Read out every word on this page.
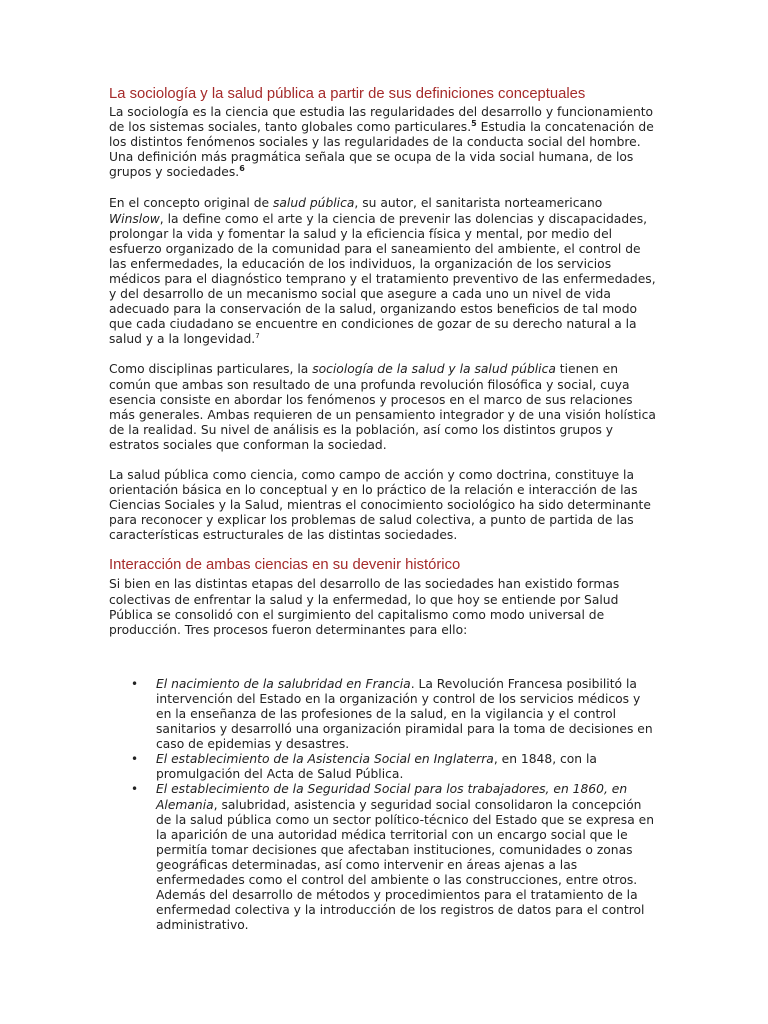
La sociología y la salud pública a partir de sus definiciones conceptuales

La sociología es la ciencia que estudia las regularidades del desarrollo y funcionamiento de los sistemas sociales, tanto globales como particulares.$^5$ Estudia la concatenación de los distintos fenómenos sociales y las regularidades de la conducta social del hombre. Una definición más pragmática señala que se ocupa de la vida social humana, de los grupos y sociedades.$^6$

En el concepto original de salud pública, su autor, el sanitarista norteamericano Winslow, la define como el arte y la ciencia de prevenir las dolencias y discapacidades, prolongar la vida y fomentar la salud y la eficiencia física y mental, por medio del esfuerzo organizado de la comunidad para el saneamiento del ambiente, el control de las enfermedades, la educación de los individuos, la organización de los servicios médicos para el diagnóstico temprano y el tratamiento preventivo de las enfermedades, y del desarrollo de un mecanismo social que asegure a cada uno un nivel de vida adecuado para la conservación de la salud, organizando estos beneficios de tal modo que cada ciudadano se encuentre en condiciones de gozar de su derecho natural a la salud y a la longevidad.$^7$

Como disciplinas particulares, la sociología de la salud y la salud pública tienen en común que ambas son resultado de una profunda revolución filosófica y social, cuya esencia consiste en abordar los fenómenos y procesos en el marco de sus relaciones más generales. Ambas requieren de un pensamiento integrador y de una visión holística de la realidad. Su nivel de análisis es la población, así como los distintos grupos y estratos sociales que conforman la sociedad.

La salud pública como ciencia, como campo de acción y como doctrina, constituye la orientación básica en lo conceptual y en lo práctico de la relación e interacción de las Ciencias Sociales y la Salud, mientras el conocimiento sociológico ha sido determinante para reconocer y explicar los problemas de salud colectiva, a punto de partida de las características estructurales de las distintas sociedades.

Interacción de ambas ciencias en su devenir histórico

Si bien en las distintas etapas del desarrollo de las sociedades han existido formas colectivas de enfrentar la salud y la enfermedad, lo que hoy se entiende por Salud Pública se consolidó con el surgimiento del capitalismo como modo universal de producción. Tres procesos fueron determinantes para ello:

• El nacimiento de la salubridad en Francia. La Revolución Francesa posibilitó la intervención del Estado en la organización y control de los servicios médicos y en la enseñanza de las profesiones de la salud, en la vigilancia y el control sanitarios y desarrolló una organización piramidal para la toma de decisiones en caso de epidemias y desastres.
• El establecimiento de la Asistencia Social en Inglaterra, en 1848, con la promulgación del Acta de Salud Pública.
• El establecimiento de la Seguridad Social para los trabajadores, en 1860, en Alemania, salubridad, asistencia y seguridad social consolidaron la concepción de la salud pública como un sector político-técnico del Estado que se expresa en la aparición de una autoridad médica territorial con un encargo social que le permitía tomar decisiones que afectaban instituciones, comunidades o zonas geográficas determinadas, así como intervenir en áreas ajenas a las enfermedades como el control del ambiente o las construcciones, entre otros. Además del desarrollo de métodos y procedimientos para el tratamiento de la enfermedad colectiva y la introducción de los registros de datos para el control administrativo.
